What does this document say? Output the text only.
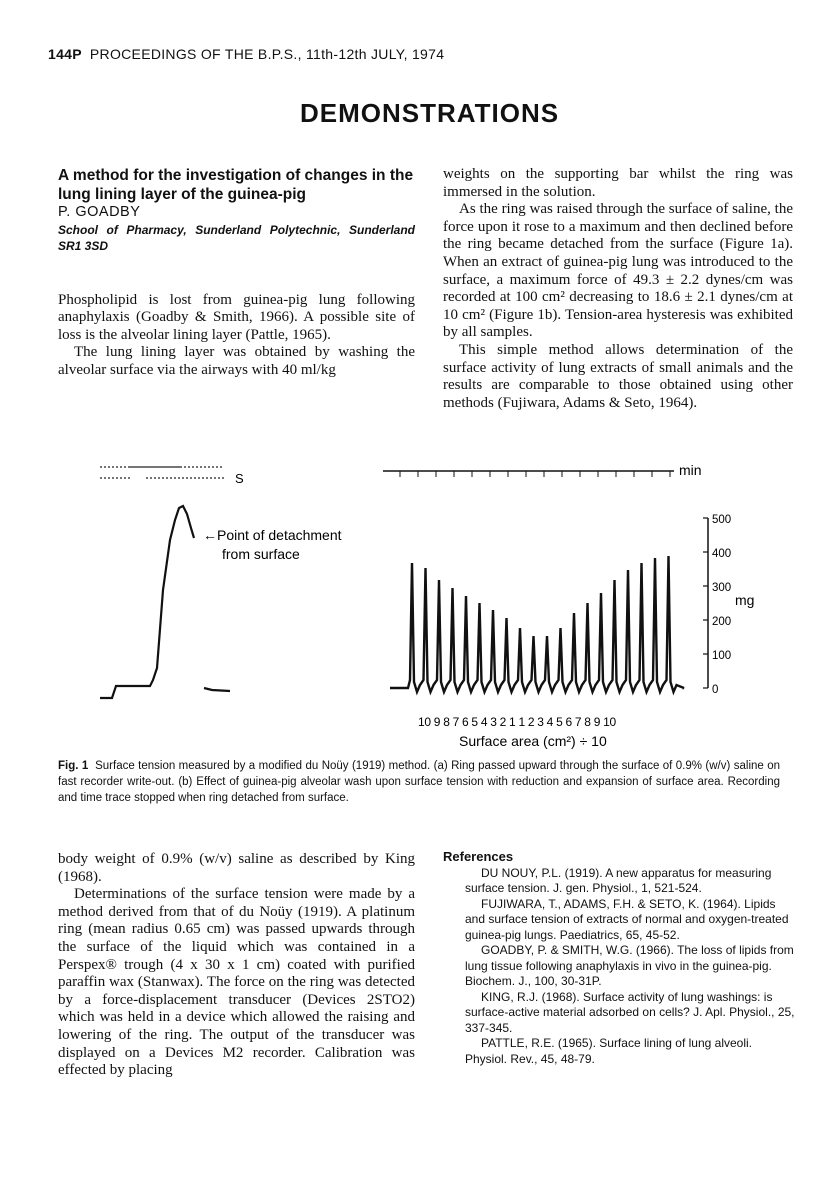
144P PROCEEDINGS OF THE B.P.S., 11th-12th JULY, 1974
DEMONSTRATIONS
A method for the investigation of changes in the lung lining layer of the guinea-pig

P. GOADBY

School of Pharmacy, Sunderland Polytechnic, Sunderland SR1 3SD

Phospholipid is lost from guinea-pig lung following anaphylaxis (Goadby & Smith, 1966). A possible site of loss is the alveolar lining layer (Pattle, 1965).

The lung lining layer was obtained by washing the alveolar surface via the airways with 40 ml/kg

weights on the supporting bar whilst the ring was immersed in the solution.

As the ring was raised through the surface of saline, the force upon it rose to a maximum and then declined before the ring became detached from the surface (Figure 1a). When an extract of guinea-pig lung was introduced to the surface, a maximum force of 49.3 ± 2.2 dynes/cm was recorded at 100 cm² decreasing to 18.6 ± 2.1 dynes/cm at 10 cm² (Figure 1b). Tension-area hysteresis was exhibited by all samples.

This simple method allows determination of the surface activity of lung extracts of small animals and the results are comparable to those obtained using other methods (Fujiwara, Adams & Seto, 1964).

S
←Point of detachment
from surface
min
500
400
300
200
100
0
mg
10 9 8 7 6 5 4 3 2 1 1 2 3 4 5 6 7 8 9 10
Surface area (cm²) ÷ 10
Fig. 1 Surface tension measured by a modified du Noüy (1919) method. (a) Ring passed upward through the surface of 0.9% (w/v) saline on fast recorder write-out. (b) Effect of guinea-pig alveolar wash upon surface tension with reduction and expansion of surface area. Recording and time trace stopped when ring detached from surface.

body weight of 0.9% (w/v) saline as described by King (1968).

Determinations of the surface tension were made by a method derived from that of du Noüy (1919). A platinum ring (mean radius 0.65 cm) was passed upwards through the surface of the liquid which was contained in a Perspex® trough (4 x 30 x 1 cm) coated with purified paraffin wax (Stanwax). The force on the ring was detected by a force-displacement transducer (Devices 2STO2) which was held in a device which allowed the raising and lowering of the ring. The output of the transducer was displayed on a Devices M2 recorder. Calibration was effected by placing

References

DU NOUY, P.L. (1919). A new apparatus for measuring surface tension. J. gen. Physiol., 1, 521-524.

FUJIWARA, T., ADAMS, F.H. & SETO, K. (1964). Lipids and surface tension of extracts of normal and oxygen-treated guinea-pig lungs. Paediatrics, 65, 45-52.

GOADBY, P. & SMITH, W.G. (1966). The loss of lipids from lung tissue following anaphylaxis in vivo in the guinea-pig. Biochem. J., 100, 30-31P.

KING, R.J. (1968). Surface activity of lung washings: is surface-active material adsorbed on cells? J. Apl. Physiol., 25, 337-345.

PATTLE, R.E. (1965). Surface lining of lung alveoli. Physiol. Rev., 45, 48-79.
